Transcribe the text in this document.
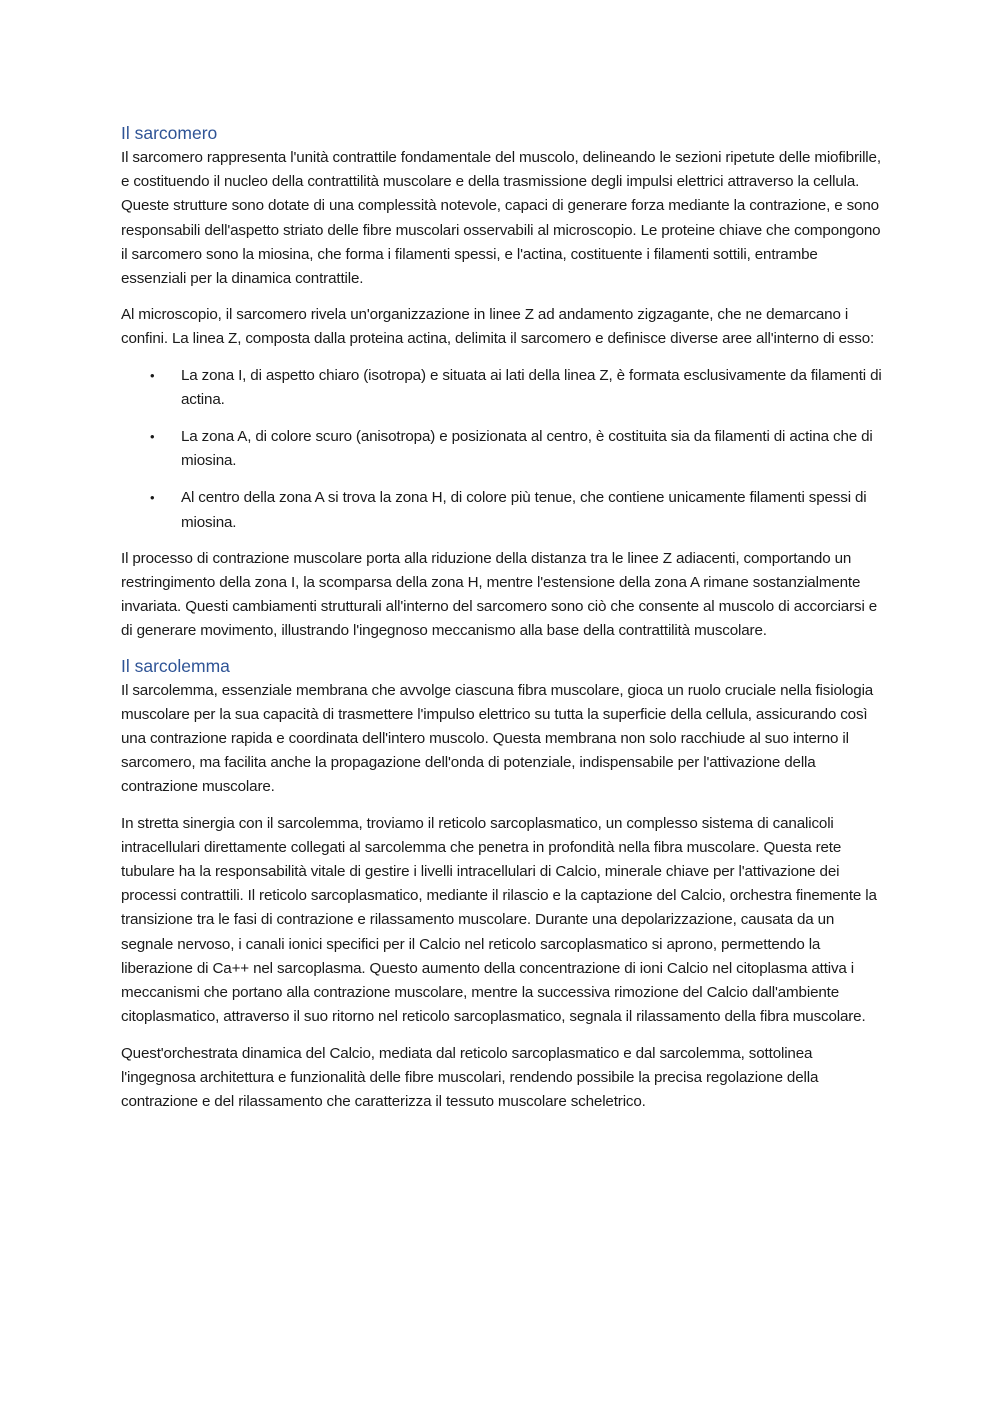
Il sarcomero

Il sarcomero rappresenta l'unità contrattile fondamentale del muscolo, delineando le sezioni ripetute delle miofibrille, e costituendo il nucleo della contrattilità muscolare e della trasmissione degli impulsi elettrici attraverso la cellula. Queste strutture sono dotate di una complessità notevole, capaci di generare forza mediante la contrazione, e sono responsabili dell'aspetto striato delle fibre muscolari osservabili al microscopio. Le proteine chiave che compongono il sarcomero sono la miosina, che forma i filamenti spessi, e l'actina, costituente i filamenti sottili, entrambe essenziali per la dinamica contrattile.

Al microscopio, il sarcomero rivela un'organizzazione in linee Z ad andamento zigzagante, che ne demarcano i confini. La linea Z, composta dalla proteina actina, delimita il sarcomero e definisce diverse aree all'interno di esso:

• La zona I, di aspetto chiaro (isotropa) e situata ai lati della linea Z, è formata esclusivamente da filamenti di actina.
• La zona A, di colore scuro (anisotropa) e posizionata al centro, è costituita sia da filamenti di actina che di miosina.
• Al centro della zona A si trova la zona H, di colore più tenue, che contiene unicamente filamenti spessi di miosina.

Il processo di contrazione muscolare porta alla riduzione della distanza tra le linee Z adiacenti, comportando un restringimento della zona I, la scomparsa della zona H, mentre l'estensione della zona A rimane sostanzialmente invariata. Questi cambiamenti strutturali all'interno del sarcomero sono ciò che consente al muscolo di accorciarsi e di generare movimento, illustrando l'ingegnoso meccanismo alla base della contrattilità muscolare.

Il sarcolemma

Il sarcolemma, essenziale membrana che avvolge ciascuna fibra muscolare, gioca un ruolo cruciale nella fisiologia muscolare per la sua capacità di trasmettere l'impulso elettrico su tutta la superficie della cellula, assicurando così una contrazione rapida e coordinata dell'intero muscolo. Questa membrana non solo racchiude al suo interno il sarcomero, ma facilita anche la propagazione dell'onda di potenziale, indispensabile per l'attivazione della contrazione muscolare.

In stretta sinergia con il sarcolemma, troviamo il reticolo sarcoplasmatico, un complesso sistema di canalicoli intracellulari direttamente collegati al sarcolemma che penetra in profondità nella fibra muscolare. Questa rete tubulare ha la responsabilità vitale di gestire i livelli intracellulari di Calcio, minerale chiave per l'attivazione dei processi contrattili. Il reticolo sarcoplasmatico, mediante il rilascio e la captazione del Calcio, orchestra finemente la transizione tra le fasi di contrazione e rilassamento muscolare. Durante una depolarizzazione, causata da un segnale nervoso, i canali ionici specifici per il Calcio nel reticolo sarcoplasmatico si aprono, permettendo la liberazione di Ca++ nel sarcoplasma. Questo aumento della concentrazione di ioni Calcio nel citoplasma attiva i meccanismi che portano alla contrazione muscolare, mentre la successiva rimozione del Calcio dall'ambiente citoplasmatico, attraverso il suo ritorno nel reticolo sarcoplasmatico, segnala il rilassamento della fibra muscolare.

Quest'orchestrata dinamica del Calcio, mediata dal reticolo sarcoplasmatico e dal sarcolemma, sottolinea l'ingegnosa architettura e funzionalità delle fibre muscolari, rendendo possibile la precisa regolazione della contrazione e del rilassamento che caratterizza il tessuto muscolare scheletrico.
